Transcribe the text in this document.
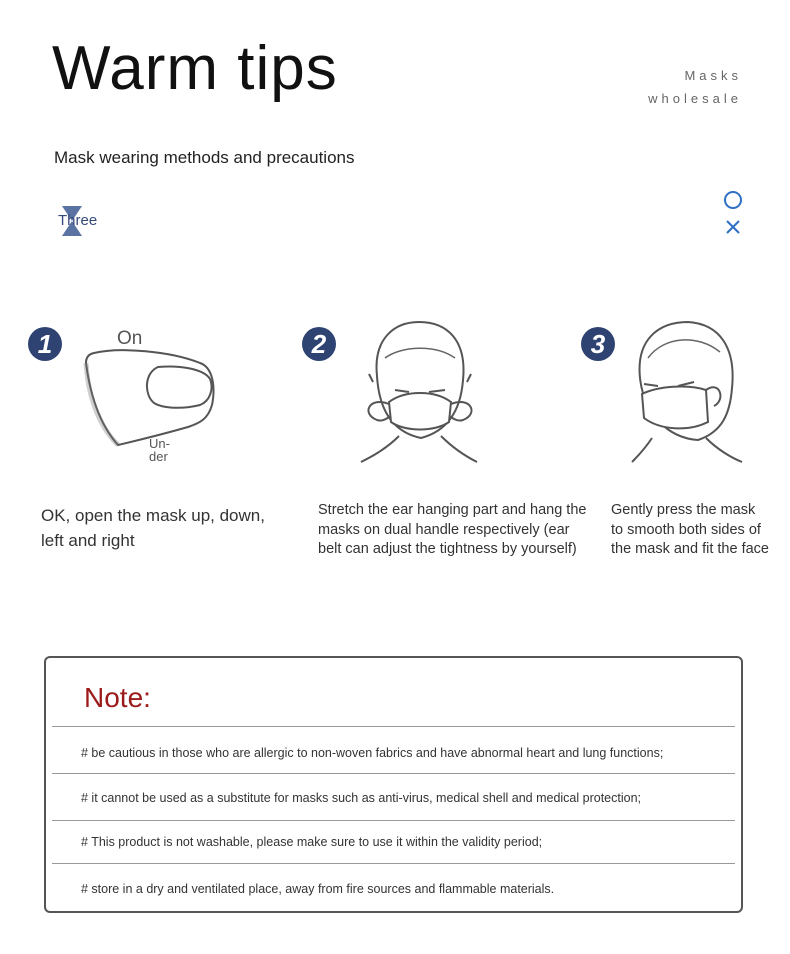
Warm tips	Masks
wholesale
Mask wearing methods and precautions
Three
1	On
Un-
der
OK, open the mask up, down, left and right
2
Stretch the ear hanging part and hang the masks on dual handle respectively (ear belt can adjust the tightness by yourself)
3
Gently press the mask to smooth both sides of the mask and fit the face
Note:
# be cautious in those who are allergic to non-woven fabrics and have abnormal heart and lung functions;
# it cannot be used as a substitute for masks such as anti-virus, medical shell and medical protection;
# This product is not washable, please make sure to use it within the validity period;
# store in a dry and ventilated place, away from fire sources and flammable materials.
